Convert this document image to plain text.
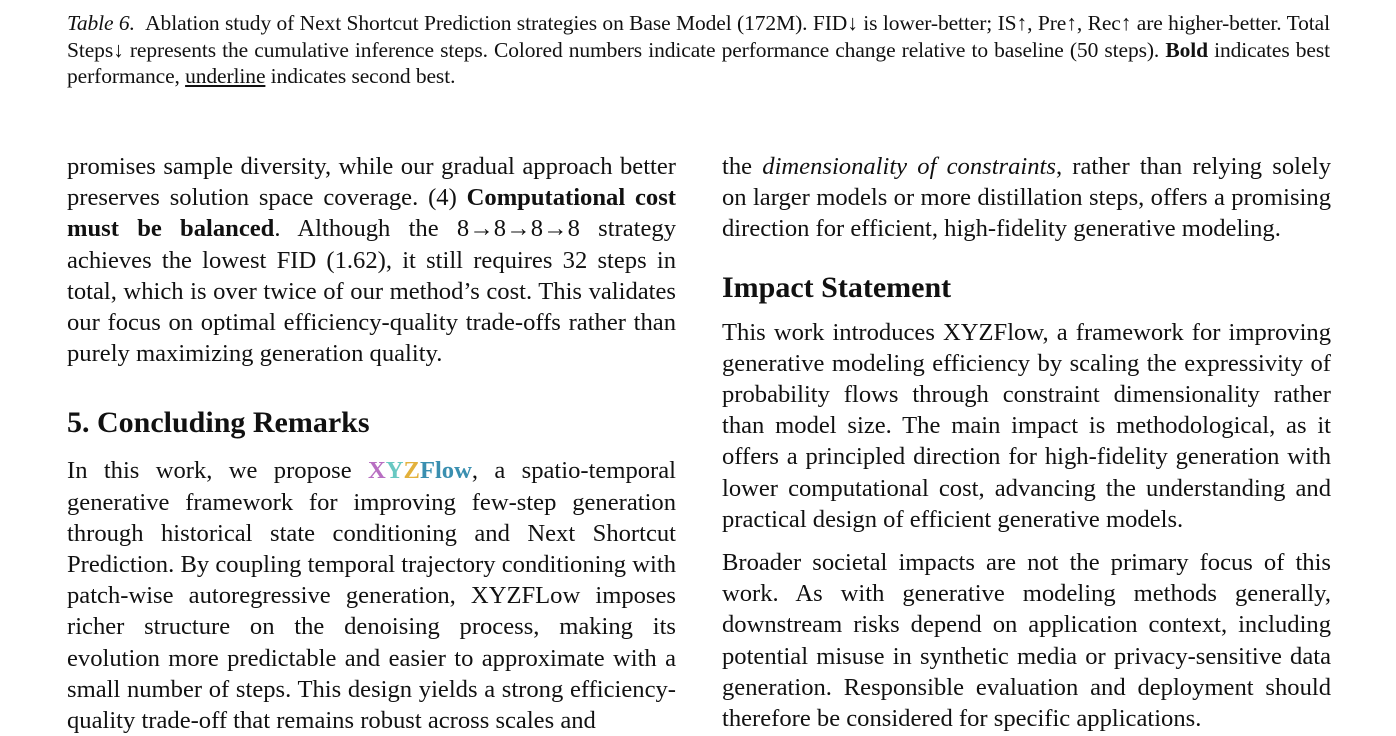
Table 6. Ablation study of Next Shortcut Prediction strategies on Base Model (172M). FID↓ is lower-better; IS↑, Pre↑, Rec↑ are higher-better. Total Steps↓ represents the cumulative inference steps. Colored numbers indicate performance change relative to baseline (50 steps). Bold indicates best performance, underline indicates second best.

promises sample diversity, while our gradual approach better preserves solution space coverage. (4) Computational cost must be balanced. Although the 8→8→8→8 strategy achieves the lowest FID (1.62), it still requires 32 steps in total, which is over twice of our method’s cost. This validates our focus on optimal efficiency-quality trade-offs rather than purely maximizing generation quality.

5. Concluding Remarks

In this work, we propose XYZFlow, a spatio-temporal generative framework for improving few-step generation through historical state conditioning and Next Shortcut Prediction. By coupling temporal trajectory conditioning with patch-wise autoregressive generation, XYZFLow imposes richer structure on the denoising process, making its evolution more predictable and easier to approximate with a small number of steps. This design yields a strong efficiency-quality trade-off that remains robust across scales and

the dimensionality of constraints, rather than relying solely on larger models or more distillation steps, offers a promising direction for efficient, high-fidelity generative modeling.

Impact Statement

This work introduces XYZFlow, a framework for improving generative modeling efficiency by scaling the expressivity of probability flows through constraint dimensionality rather than model size. The main impact is methodological, as it offers a principled direction for high-fidelity generation with lower computational cost, advancing the understanding and practical design of efficient generative models.

Broader societal impacts are not the primary focus of this work. As with generative modeling methods generally, downstream risks depend on application context, including potential misuse in synthetic media or privacy-sensitive data generation. Responsible evaluation and deployment should therefore be considered for specific applications.
